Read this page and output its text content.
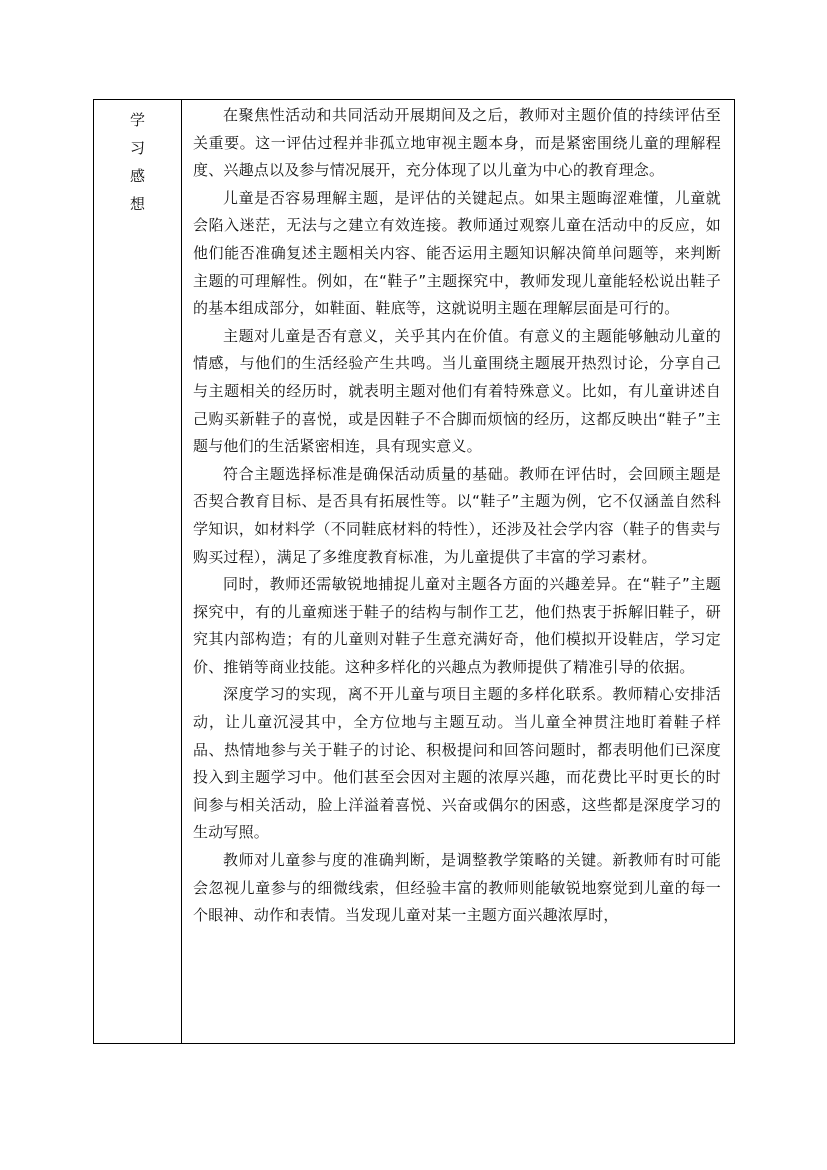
学
习
感
想

在聚焦性活动和共同活动开展期间及之后，教师对主题价值的持续评估至关重要。这一评估过程并非孤立地审视主题本身，而是紧密围绕儿童的理解程度、兴趣点以及参与情况展开，充分体现了以儿童为中心的教育理念。

儿童是否容易理解主题，是评估的关键起点。如果主题晦涩难懂，儿童就会陷入迷茫，无法与之建立有效连接。教师通过观察儿童在活动中的反应，如他们能否准确复述主题相关内容、能否运用主题知识解决简单问题等，来判断主题的可理解性。例如，在“鞋子”主题探究中，教师发现儿童能轻松说出鞋子的基本组成部分，如鞋面、鞋底等，这就说明主题在理解层面是可行的。

主题对儿童是否有意义，关乎其内在价值。有意义的主题能够触动儿童的情感，与他们的生活经验产生共鸣。当儿童围绕主题展开热烈讨论，分享自己与主题相关的经历时，就表明主题对他们有着特殊意义。比如，有儿童讲述自己购买新鞋子的喜悦，或是因鞋子不合脚而烦恼的经历，这都反映出“鞋子”主题与他们的生活紧密相连，具有现实意义。

符合主题选择标准是确保活动质量的基础。教师在评估时，会回顾主题是否契合教育目标、是否具有拓展性等。以“鞋子”主题为例，它不仅涵盖自然科学知识，如材料学（不同鞋底材料的特性），还涉及社会学内容（鞋子的售卖与购买过程），满足了多维度教育标准，为儿童提供了丰富的学习素材。

同时，教师还需敏锐地捕捉儿童对主题各方面的兴趣差异。在“鞋子”主题探究中，有的儿童痴迷于鞋子的结构与制作工艺，他们热衷于拆解旧鞋子，研究其内部构造；有的儿童则对鞋子生意充满好奇，他们模拟开设鞋店，学习定价、推销等商业技能。这种多样化的兴趣点为教师提供了精准引导的依据。

深度学习的实现，离不开儿童与项目主题的多样化联系。教师精心安排活动，让儿童沉浸其中，全方位地与主题互动。当儿童全神贯注地盯着鞋子样品、热情地参与关于鞋子的讨论、积极提问和回答问题时，都表明他们已深度投入到主题学习中。他们甚至会因对主题的浓厚兴趣，而花费比平时更长的时间参与相关活动，脸上洋溢着喜悦、兴奋或偶尔的困惑，这些都是深度学习的生动写照。

教师对儿童参与度的准确判断，是调整教学策略的关键。新教师有时可能会忽视儿童参与的细微线索，但经验丰富的教师则能敏锐地察觉到儿童的每一个眼神、动作和表情。当发现儿童对某一主题方面兴趣浓厚时，
